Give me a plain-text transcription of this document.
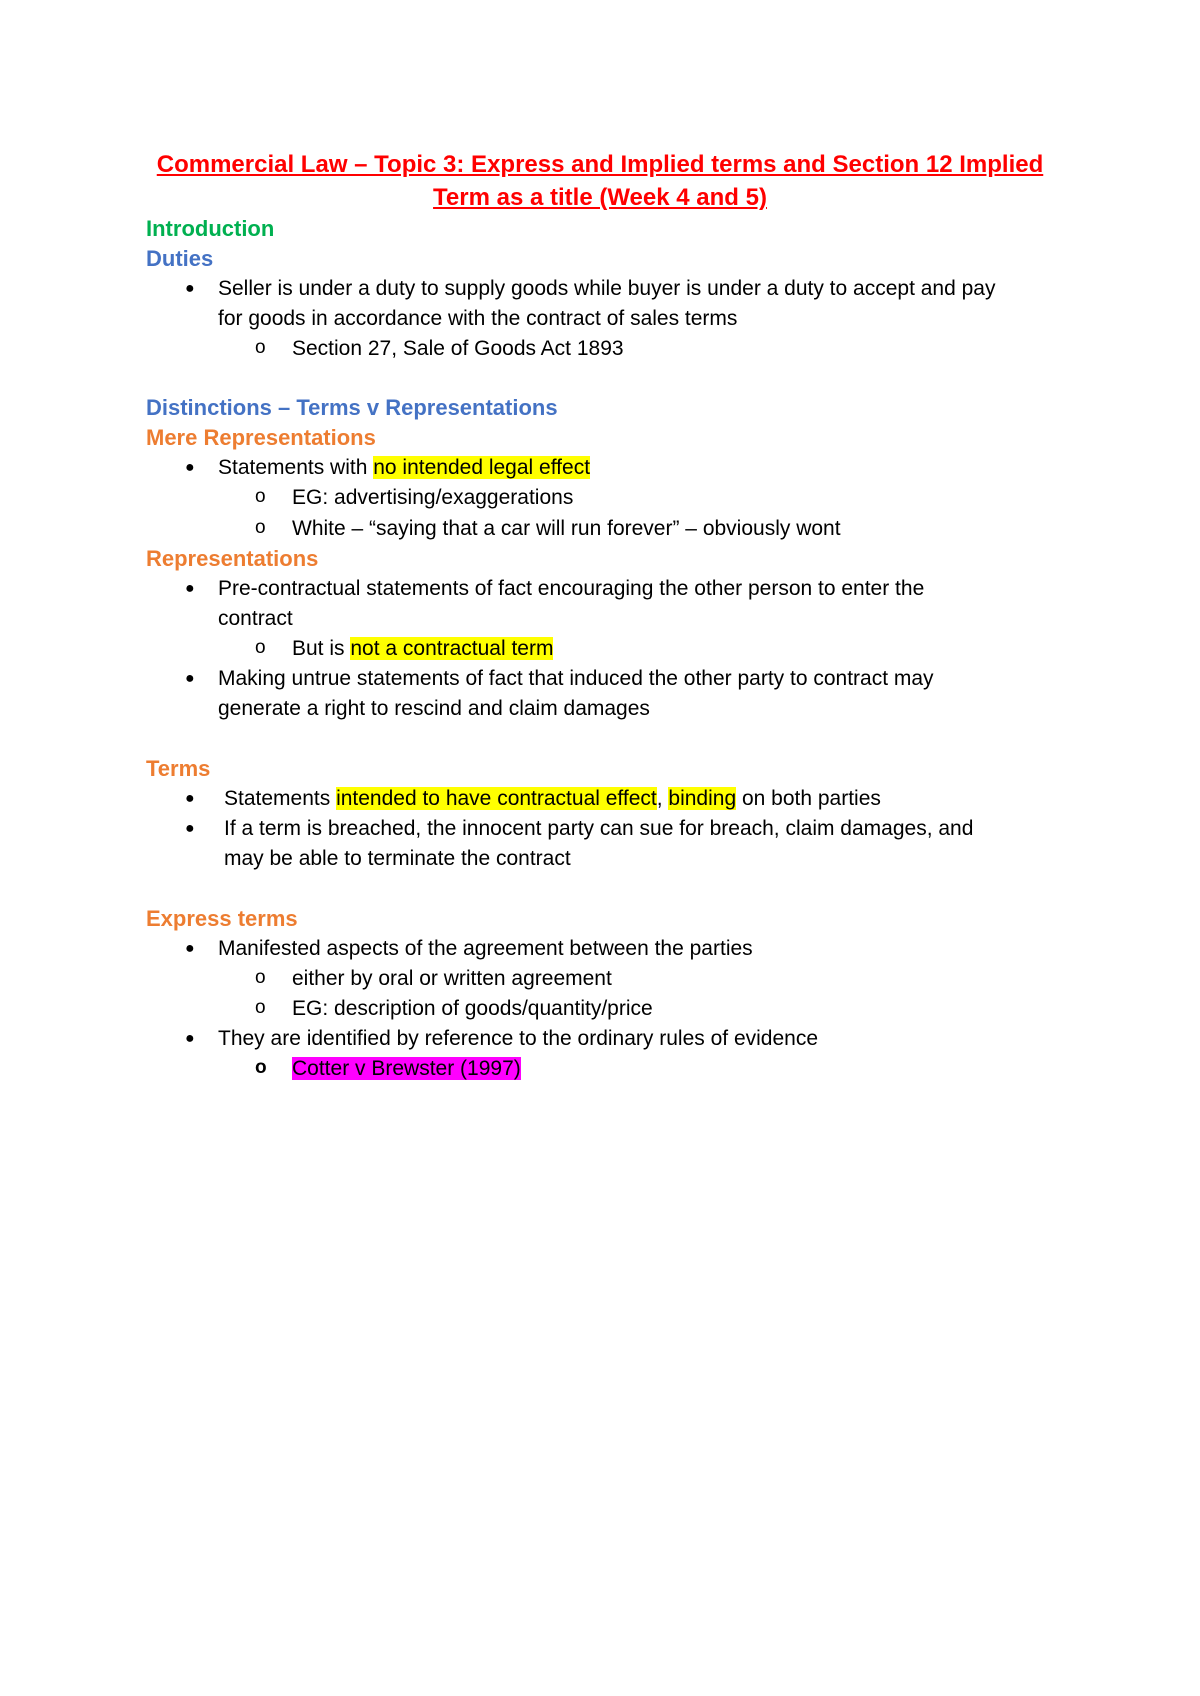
Commercial Law – Topic 3: Express and Implied terms and Section 12 Implied
Term as a title (Week 4 and 5)
Introduction
Duties
● Seller is under a duty to supply goods while buyer is under a duty to accept and pay
for goods in accordance with the contract of sales terms
o Section 27, Sale of Goods Act 1893
Distinctions – Terms v Representations
Mere Representations
● Statements with no intended legal effect
o EG: advertising/exaggerations
o White – “saying that a car will run forever” – obviously wont
Representations
● Pre-contractual statements of fact encouraging the other person to enter the
contract
o But is not a contractual term
● Making untrue statements of fact that induced the other party to contract may
generate a right to rescind and claim damages
Terms
● Statements intended to have contractual effect, binding on both parties
● If a term is breached, the innocent party can sue for breach, claim damages, and
may be able to terminate the contract
Express terms
● Manifested aspects of the agreement between the parties
o either by oral or written agreement
o EG: description of goods/quantity/price
● They are identified by reference to the ordinary rules of evidence
o Cotter v Brewster (1997)
